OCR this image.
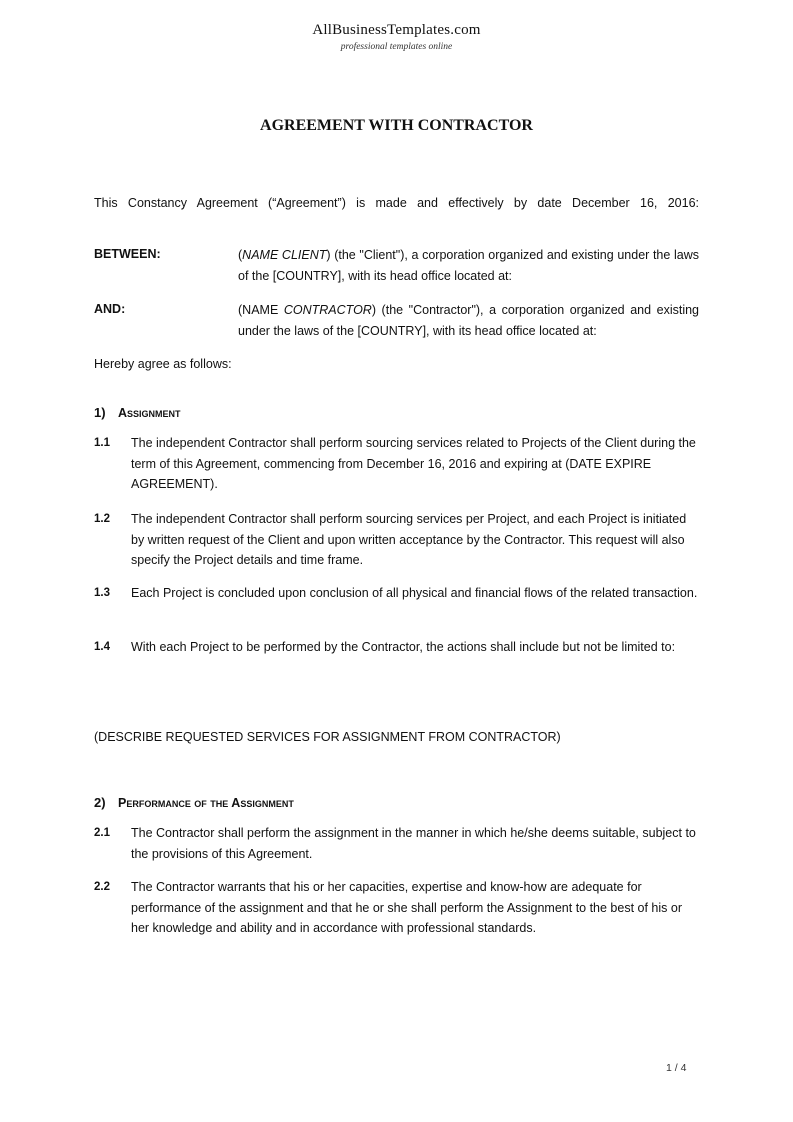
AllBusinessTemplates.com
professional templates online
AGREEMENT WITH CONTRACTOR
This Constancy Agreement (“Agreement”) is made and effectively by date December 16, 2016:
BETWEEN:	(NAME CLIENT) (the "Client"), a corporation organized and existing under the laws of the [COUNTRY], with its head office located at:
AND:	(NAME CONTRACTOR) (the "Contractor"), a corporation organized and existing under the laws of the [COUNTRY], with its head office located at:
Hereby agree as follows:
1) Assignment
1.1 The independent Contractor shall perform sourcing services related to Projects of the Client during the term of this Agreement, commencing from December 16, 2016 and expiring at (DATE EXPIRE AGREEMENT).
1.2 The independent Contractor shall perform sourcing services per Project, and each Project is initiated by written request of the Client and upon written acceptance by the Contractor. This request will also specify the Project details and time frame.
1.3 Each Project is concluded upon conclusion of all physical and financial flows of the related transaction.
1.4 With each Project to be performed by the Contractor, the actions shall include but not be limited to:
(DESCRIBE REQUESTED SERVICES FOR ASSIGNMENT FROM CONTRACTOR)
2) Performance of the Assignment
2.1 The Contractor shall perform the assignment in the manner in which he/she deems suitable, subject to the provisions of this Agreement.
2.2 The Contractor warrants that his or her capacities, expertise and know-how are adequate for performance of the assignment and that he or she shall perform the Assignment to the best of his or her knowledge and ability and in accordance with professional standards.
1 / 4
